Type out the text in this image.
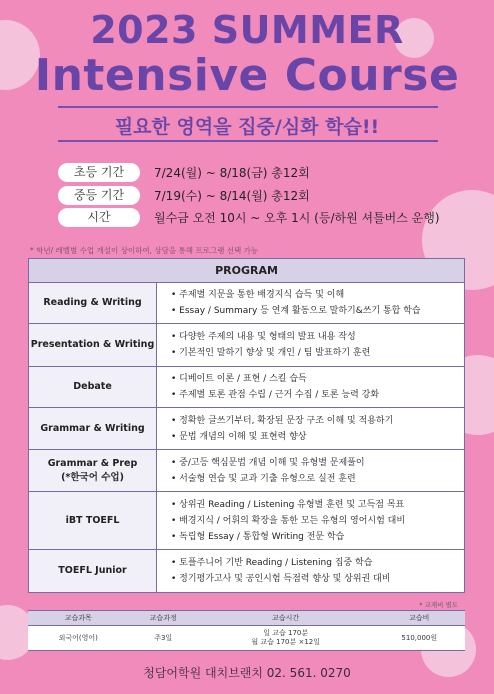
2023 SUMMER
Intensive Course
필요한 영역을 집중/심화 학습!!
초등 기간	7/24(월) ~ 8/18(금) 총12회
중등 기간	7/19(수) ~ 8/14(월) 총12회
시간	월수금 오전 10시 ~ 오후 1시 (등/하원 셔틀버스 운행)
* 학년/ 레벨별 수업 개설이 상이하여, 상담을 통해 프로그램 선택 가능
PROGRAM
Reading & Writing
• 주제별 지문을 통한 배경지식 습득 및 이해
• Essay / Summary 등 연계 활동으로 말하기&쓰기 통합 학습
Presentation & Writing
• 다양한 주제의 내용 및 형태의 발표 내용 작성
• 기본적인 말하기 향상 및 개인 / 팀 발표하기 훈련
Debate
• 디베이트 이론 / 표현 / 스킬 습득
• 주제별 토론 관점 수립 / 근거 수집 / 토론 능력 강화
Grammar & Writing
• 정확한 글쓰기부터, 확장된 문장 구조 이해 및 적용하기
• 문법 개념의 이해 및 표현력 향상
Grammar & Prep
(*한국어 수업)
• 중/고등 핵심문법 개념 이해 및 유형별 문제풀이
• 서술형 연습 및 교과 기출 유형으로 실전 훈련
iBT TOEFL
• 상위권 Reading / Listening 유형별 훈련 및 고득점 목표
• 배경지식 / 어휘의 확장을 통한 모든 유형의 영어시험 대비
• 독립형 Essay / 통합형 Writing 전문 학습
TOEFL Junior
• 토플주니어 기반 Reading / Listening 집중 학습
• 정기평가고사 및 공인시험 득점력 향상 및 상위권 대비
* 교재비 별도
교습과목	교습과정	교습시간	교습비
외국어(영어)	주3일	일 교습 170분
월 교습 170분 ×12일	510,000원
청담어학원 대치브랜치 02. 561. 0270
